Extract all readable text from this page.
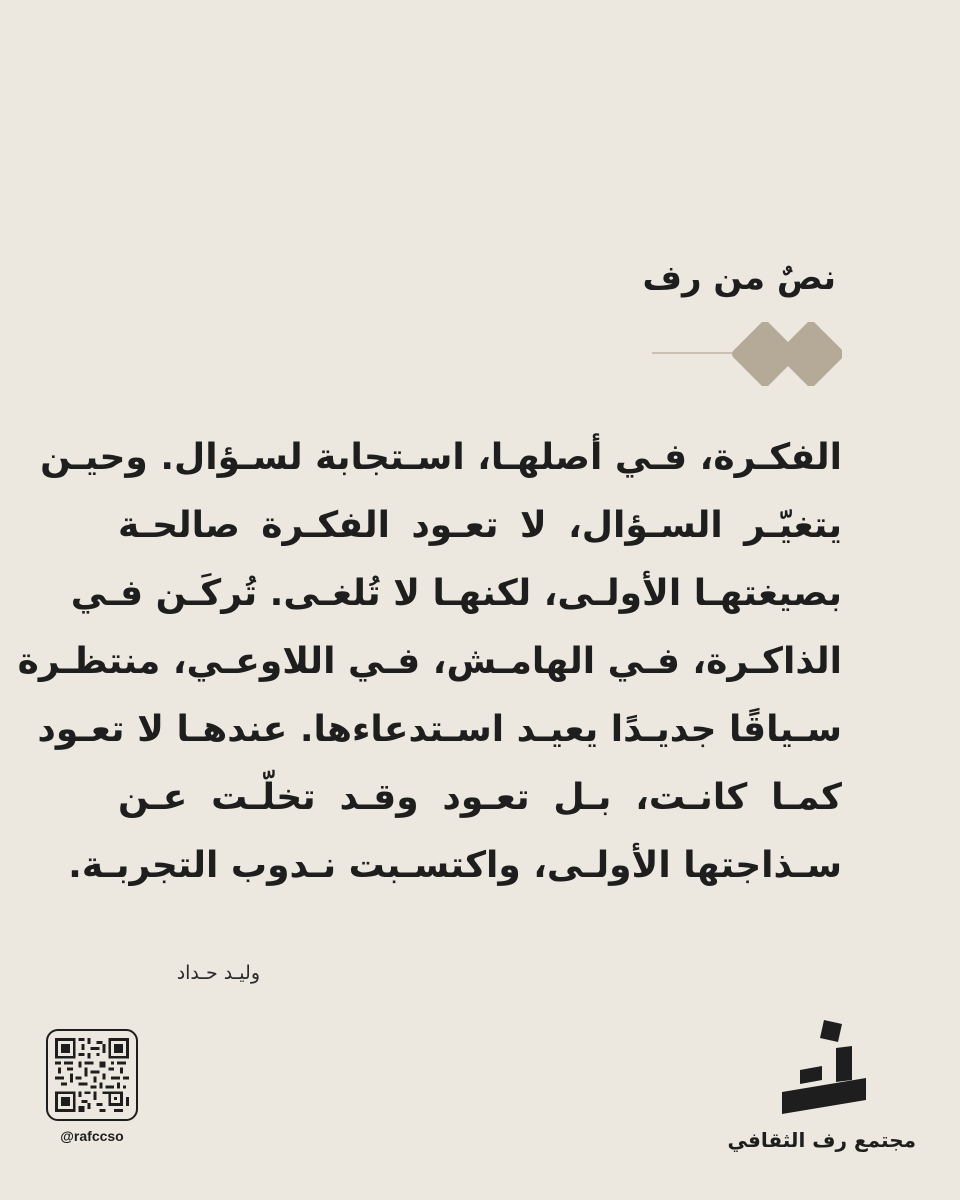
نصٌ من رف
الفكـرة، فـي أصلهـا، اسـتجابة لسـؤال. وحيـن
يتغيّـر السـؤال، لا تعـود الفكـرة صالحـة
بصيغتهـا الأولـى، لكنهـا لا تُلغـى. تُركَـن فـي
الذاكـرة، فـي الهامـش، فـي اللاوعـي، منتظـرة
سـياقًا جديـدًا يعيـد اسـتدعاءها. عندهـا لا تعـود
كمـا كانـت، بـل تعـود وقـد تخلّـت عـن
سـذاجتها الأولـى، واكتسـبت نـدوب التجربـة.
وليـد حـداد
@rafccso	مجتمع رف الثقافي
